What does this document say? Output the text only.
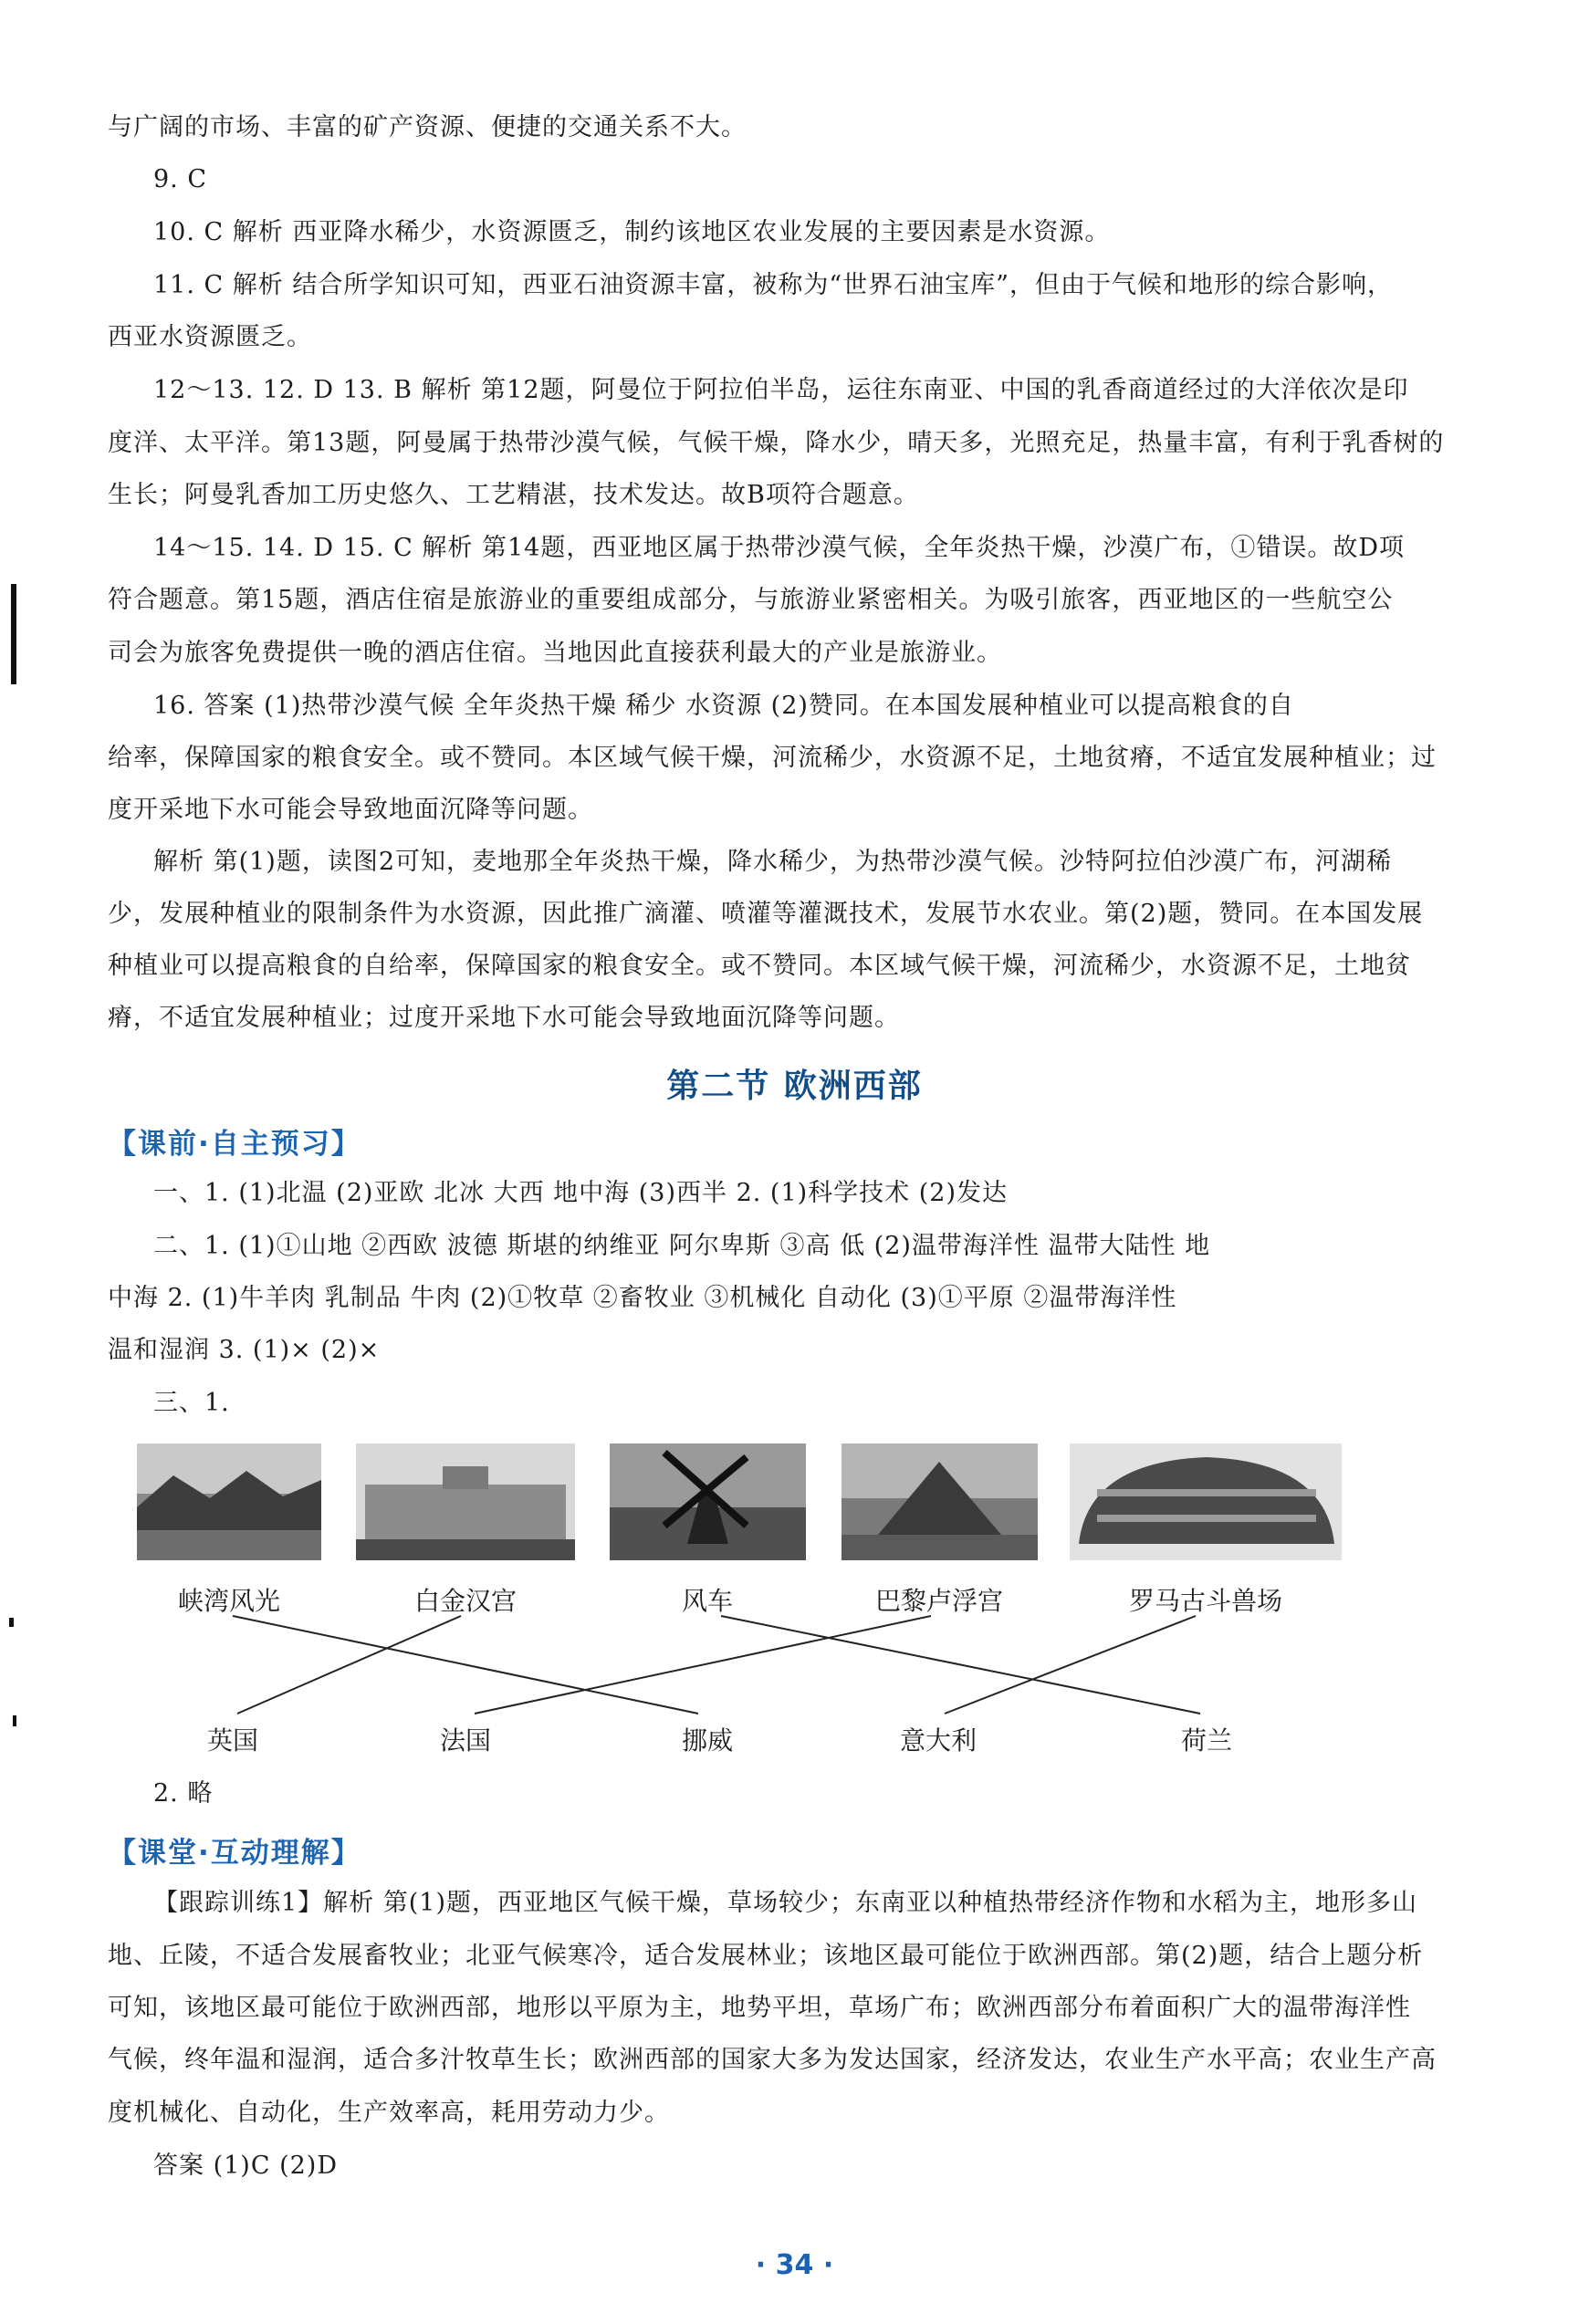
与广阔的市场、丰富的矿产资源、便捷的交通关系不大。
9. C
10. C 解析 西亚降水稀少，水资源匮乏，制约该地区农业发展的主要因素是水资源。
11. C 解析 结合所学知识可知，西亚石油资源丰富，被称为“世界石油宝库”，但由于气候和地形的综合影响，
西亚水资源匮乏。
12～13. 12. D 13. B 解析 第12题，阿曼位于阿拉伯半岛，运往东南亚、中国的乳香商道经过的大洋依次是印
度洋、太平洋。第13题，阿曼属于热带沙漠气候，气候干燥，降水少，晴天多，光照充足，热量丰富，有利于乳香树的
生长；阿曼乳香加工历史悠久、工艺精湛，技术发达。故B项符合题意。
14～15. 14. D 15. C 解析 第14题，西亚地区属于热带沙漠气候，全年炎热干燥，沙漠广布，①错误。故D项
符合题意。第15题，酒店住宿是旅游业的重要组成部分，与旅游业紧密相关。为吸引旅客，西亚地区的一些航空公
司会为旅客免费提供一晚的酒店住宿。当地因此直接获利最大的产业是旅游业。
16. 答案 (1)热带沙漠气候 全年炎热干燥 稀少 水资源 (2)赞同。在本国发展种植业可以提高粮食的自
给率，保障国家的粮食安全。或不赞同。本区域气候干燥，河流稀少，水资源不足，土地贫瘠，不适宜发展种植业；过
度开采地下水可能会导致地面沉降等问题。
解析 第(1)题，读图2可知，麦地那全年炎热干燥，降水稀少，为热带沙漠气候。沙特阿拉伯沙漠广布，河湖稀
少，发展种植业的限制条件为水资源，因此推广滴灌、喷灌等灌溉技术，发展节水农业。第(2)题，赞同。在本国发展
种植业可以提高粮食的自给率，保障国家的粮食安全。或不赞同。本区域气候干燥，河流稀少，水资源不足，土地贫
瘠，不适宜发展种植业；过度开采地下水可能会导致地面沉降等问题。
第二节 欧洲西部
【课前·自主预习】
一、1. (1)北温 (2)亚欧 北冰 大西 地中海 (3)西半 2. (1)科学技术 (2)发达
二、1. (1)①山地 ②西欧 波德 斯堪的纳维亚 阿尔卑斯 ③高 低 (2)温带海洋性 温带大陆性 地
中海 2. (1)牛羊肉 乳制品 牛肉 (2)①牧草 ②畜牧业 ③机械化 自动化 (3)①平原 ②温带海洋性
温和湿润 3. (1)× (2)×
三、1.
峡湾风光	白金汉宫	风车	巴黎卢浮宫	罗马古斗兽场
英国	法国	挪威	意大利	荷兰
2. 略
【课堂·互动理解】
【跟踪训练1】解析 第(1)题，西亚地区气候干燥，草场较少；东南亚以种植热带经济作物和水稻为主，地形多山
地、丘陵，不适合发展畜牧业；北亚气候寒冷，适合发展林业；该地区最可能位于欧洲西部。第(2)题，结合上题分析
可知，该地区最可能位于欧洲西部，地形以平原为主，地势平坦，草场广布；欧洲西部分布着面积广大的温带海洋性
气候，终年温和湿润，适合多汁牧草生长；欧洲西部的国家大多为发达国家，经济发达，农业生产水平高；农业生产高
度机械化、自动化，生产效率高，耗用劳动力少。
答案 (1)C (2)D
· 34 ·
